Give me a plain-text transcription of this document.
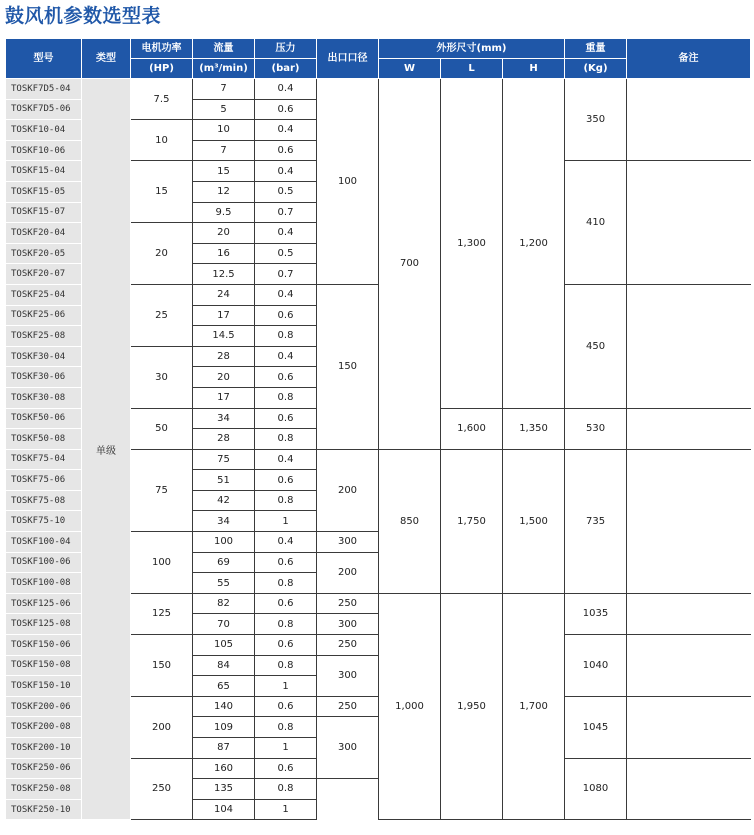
鼓风机参数选型表
型号	类型	电机功率	流量	压力	出口口径	外形尺寸(mm)			重量	备注
		(HP)	(m³/min)	(bar)		W	L	H	(Kg)	
TOSKF7D5-04	单级	7.5	7	0.4	100	700	1,300	1,200	350	
TOSKF7D5-06			5	0.6						
TOSKF10-04		10	10	0.4						
TOSKF10-06			7	0.6						
TOSKF15-04		15	15	0.4					410	
TOSKF15-05			12	0.5						
TOSKF15-07			9.5	0.7						
TOSKF20-04		20	20	0.4						
TOSKF20-05			16	0.5						
TOSKF20-07			12.5	0.7						
TOSKF25-04		25	24	0.4	150				450	
TOSKF25-06			17	0.6						
TOSKF25-08			14.5	0.8						
TOSKF30-04		30	28	0.4						
TOSKF30-06			20	0.6						
TOSKF30-08			17	0.8						
TOSKF50-06		50	34	0.6			1,600	1,350	530	
TOSKF50-08			28	0.8						
TOSKF75-04		75	75	0.4	200	850	1,750	1,500	735	
TOSKF75-06			51	0.6						
TOSKF75-08			42	0.8						
TOSKF75-10			34	1						
TOSKF100-04		100	100	0.4	300					
TOSKF100-06			69	0.6	200					
TOSKF100-08			55	0.8						
TOSKF125-06		125	82	0.6	250	1,000	1,950	1,700	1035	
TOSKF125-08			70	0.8	300					
TOSKF150-06		150	105	0.6	250				1040	
TOSKF150-08			84	0.8	300					
TOSKF150-10			65	1						
TOSKF200-06		200	140	0.6	250				1045	
TOSKF200-08			109	0.8	300					
TOSKF200-10			87	1						
TOSKF250-06		250	160	0.6					1080	
TOSKF250-08			135	0.8						
TOSKF250-10			104	1						
